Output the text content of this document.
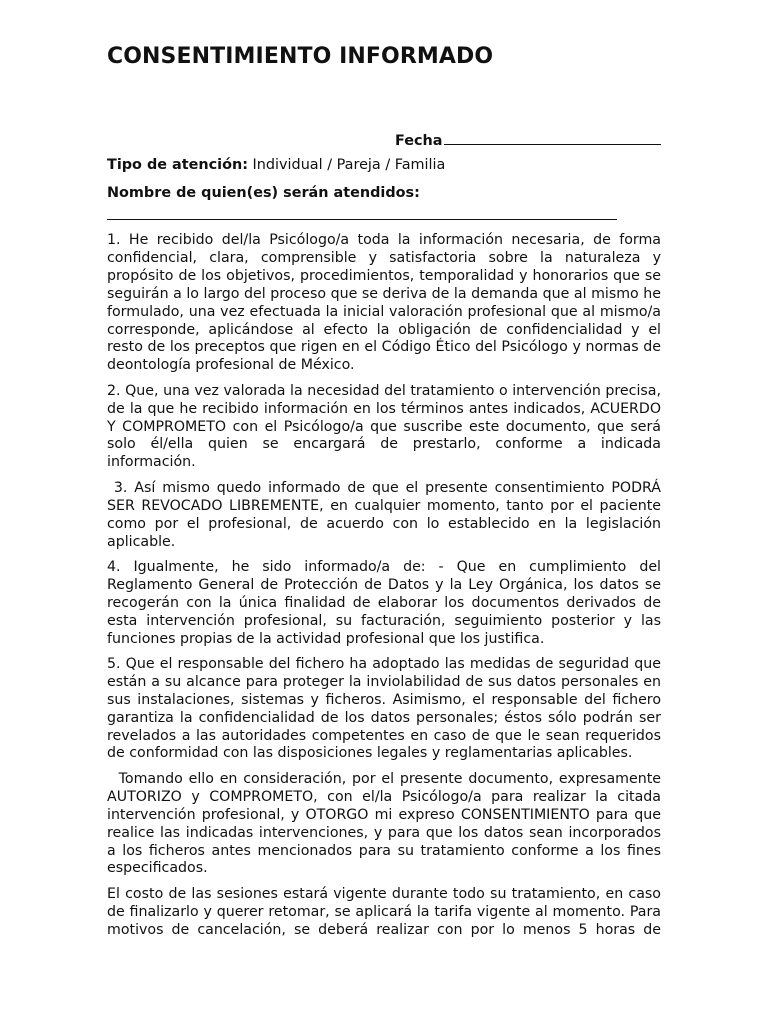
CONSENTIMIENTO INFORMADO
Fecha
Tipo de atención: Individual / Pareja / Familia
Nombre de quien(es) serán atendidos:

1. He recibido del/la Psicólogo/a toda la información necesaria, de forma confidencial, clara, comprensible y satisfactoria sobre la naturaleza y propósito de los objetivos, procedimientos, temporalidad y honorarios que se seguirán a lo largo del proceso que se deriva de la demanda que al mismo he formulado, una vez efectuada la inicial valoración profesional que al mismo/a corresponde, aplicándose al efecto la obligación de confidencialidad y el resto de los preceptos que rigen en el Código Ético del Psicólogo y normas de deontología profesional de México.

2. Que, una vez valorada la necesidad del tratamiento o intervención precisa, de la que he recibido información en los términos antes indicados, ACUERDO Y COMPROMETO con el Psicólogo/a que suscribe este documento, que será solo él/ella quien se encargará de prestarlo, conforme a indicada información.

3. Así mismo quedo informado de que el presente consentimiento PODRÁ SER REVOCADO LIBREMENTE, en cualquier momento, tanto por el paciente como por el profesional, de acuerdo con lo establecido en la legislación aplicable.

4. Igualmente, he sido informado/a de: - Que en cumplimiento del Reglamento General de Protección de Datos y la Ley Orgánica, los datos se recogerán con la única finalidad de elaborar los documentos derivados de esta intervención profesional, su facturación, seguimiento posterior y las funciones propias de la actividad profesional que los justifica.

5. Que el responsable del fichero ha adoptado las medidas de seguridad que están a su alcance para proteger la inviolabilidad de sus datos personales en sus instalaciones, sistemas y ficheros. Asimismo, el responsable del fichero garantiza la confidencialidad de los datos personales; éstos sólo podrán ser revelados a las autoridades competentes en caso de que le sean requeridos de conformidad con las disposiciones legales y reglamentarias aplicables.

Tomando ello en consideración, por el presente documento, expresamente AUTORIZO y COMPROMETO, con el/la Psicólogo/a para realizar la citada intervención profesional, y OTORGO mi expreso CONSENTIMIENTO para que realice las indicadas intervenciones, y para que los datos sean incorporados a los ficheros antes mencionados para su tratamiento conforme a los fines especificados.

El costo de las sesiones estará vigente durante todo su tratamiento, en caso de finalizarlo y querer retomar, se aplicará la tarifa vigente al momento. Para motivos de cancelación, se deberá realizar con por lo menos 5 horas de
